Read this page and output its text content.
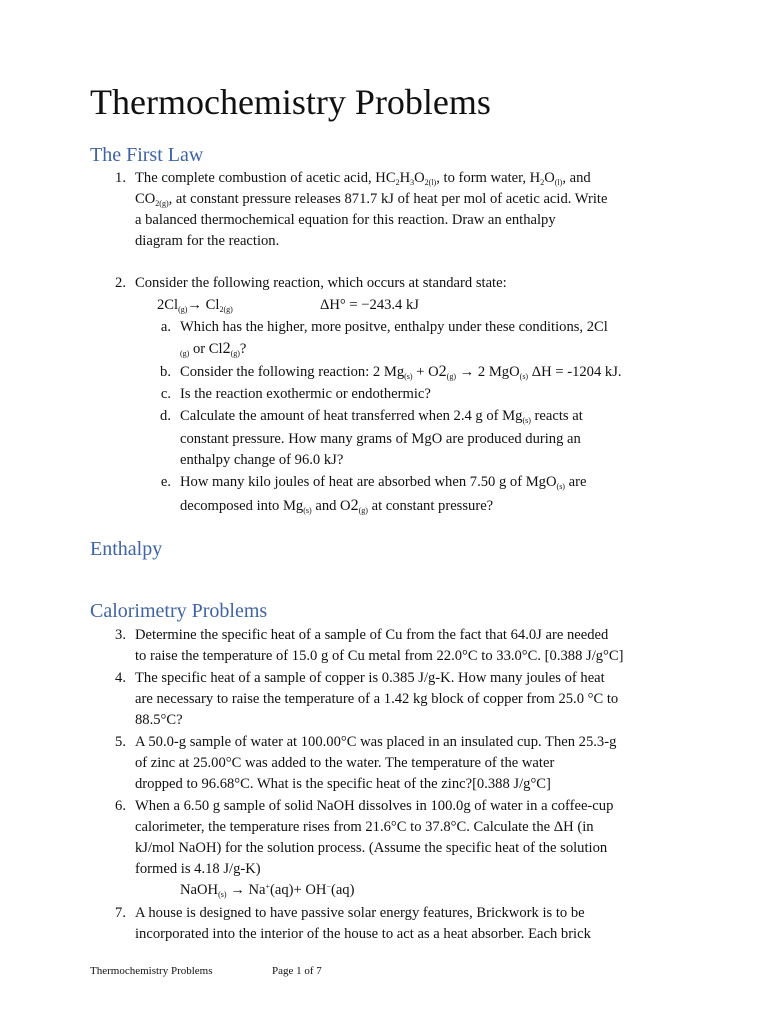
Thermochemistry Problems
The First Law
1. The complete combustion of acetic acid, $HC_2H_3O_{2(l)}$, to form water, $H_2O_{(l)}$, and
$CO_{2(g)}$, at constant pressure releases 871.7 kJ of heat per mol of acetic acid. Write
a balanced thermochemical equation for this reaction. Draw an enthalpy
diagram for the reaction.
2. Consider the following reaction, which occurs at standard state:
$2Cl_{(g)}\to Cl_{2(g)}$	ΔH° = −243.4 kJ
a. Which has the higher, more positve, enthalpy under these conditions, 2Cl
$_{(g)}$ or $Cl2_{(g)}$?
b. Consider the following reaction: 2 $Mg_{(s)} + O2_{(g)} \to 2$ MgO$_{(s)}$ ΔH = -1204 kJ.
c. Is the reaction exothermic or endothermic?
d. Calculate the amount of heat transferred when 2.4 g of $Mg_{(s)}$ reacts at
constant pressure. How many grams of MgO are produced during an
enthalpy change of 96.0 kJ?
e. How many kilo joules of heat are absorbed when 7.50 g of MgO$_{(s)}$ are
decomposed into $Mg_{(s)}$ and $O2_{(g)}$ at constant pressure?
Enthalpy
Calorimetry Problems
3. Determine the specific heat of a sample of Cu from the fact that 64.0J are needed
to raise the temperature of 15.0 g of Cu metal from 22.0°C to 33.0°C. [0.388 J/g°C]
4. The specific heat of a sample of copper is 0.385 J/g-K. How many joules of heat
are necessary to raise the temperature of a 1.42 kg block of copper from 25.0 °C to
88.5°C?
5. A 50.0-g sample of water at 100.00°C was placed in an insulated cup. Then 25.3-g
of zinc at 25.00°C was added to the water. The temperature of the water
dropped to 96.68°C. What is the specific heat of the zinc?[0.388 J/g°C]
6. When a 6.50 g sample of solid NaOH dissolves in 100.0g of water in a coffee-cup
calorimeter, the temperature rises from 21.6°C to 37.8°C. Calculate the ΔH (in
kJ/mol NaOH) for the solution process. (Assume the specific heat of the solution
formed is 4.18 J/g-K)
NaOH$_{(s)}$ → Na+(aq)+ OH−(aq)
7. A house is designed to have passive solar energy features, Brickwork is to be
incorporated into the interior of the house to act as a heat absorber. Each brick
Thermochemistry Problems	Page 1 of 7
